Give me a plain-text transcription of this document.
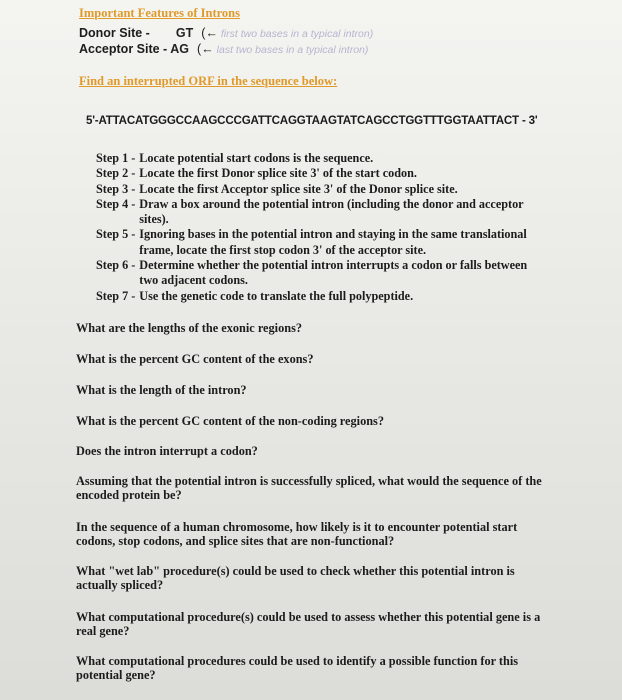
Important Features of Introns
Donor Site - GT (← first two bases in a typical intron)
Acceptor Site - AG (← last two bases in a typical intron)
Find an interrupted ORF in the sequence below:
5'-ATTACATGGGCCAAGCCCGATTCAGGTAAGTATCAGCCTGGTTTGGTAATTACT - 3'
Step 1 - Locate potential start codons is the sequence.
Step 2 - Locate the first Donor splice site 3' of the start codon.
Step 3 - Locate the first Acceptor splice site 3' of the Donor splice site.
Step 4 - Draw a box around the potential intron (including the donor and acceptor sites).
Step 5 - Ignoring bases in the potential intron and staying in the same translational frame, locate the first stop codon 3' of the acceptor site.
Step 6 - Determine whether the potential intron interrupts a codon or falls between two adjacent codons.
Step 7 - Use the genetic code to translate the full polypeptide.
What are the lengths of the exonic regions?
What is the percent GC content of the exons?
What is the length of the intron?
What is the percent GC content of the non-coding regions?
Does the intron interrupt a codon?
Assuming that the potential intron is successfully spliced, what would the sequence of the encoded protein be?
In the sequence of a human chromosome, how likely is it to encounter potential start codons, stop codons, and splice sites that are non-functional?
What "wet lab" procedure(s) could be used to check whether this potential intron is actually spliced?
What computational procedure(s) could be used to assess whether this potential gene is a real gene?
What computational procedures could be used to identify a possible function for this potential gene?
